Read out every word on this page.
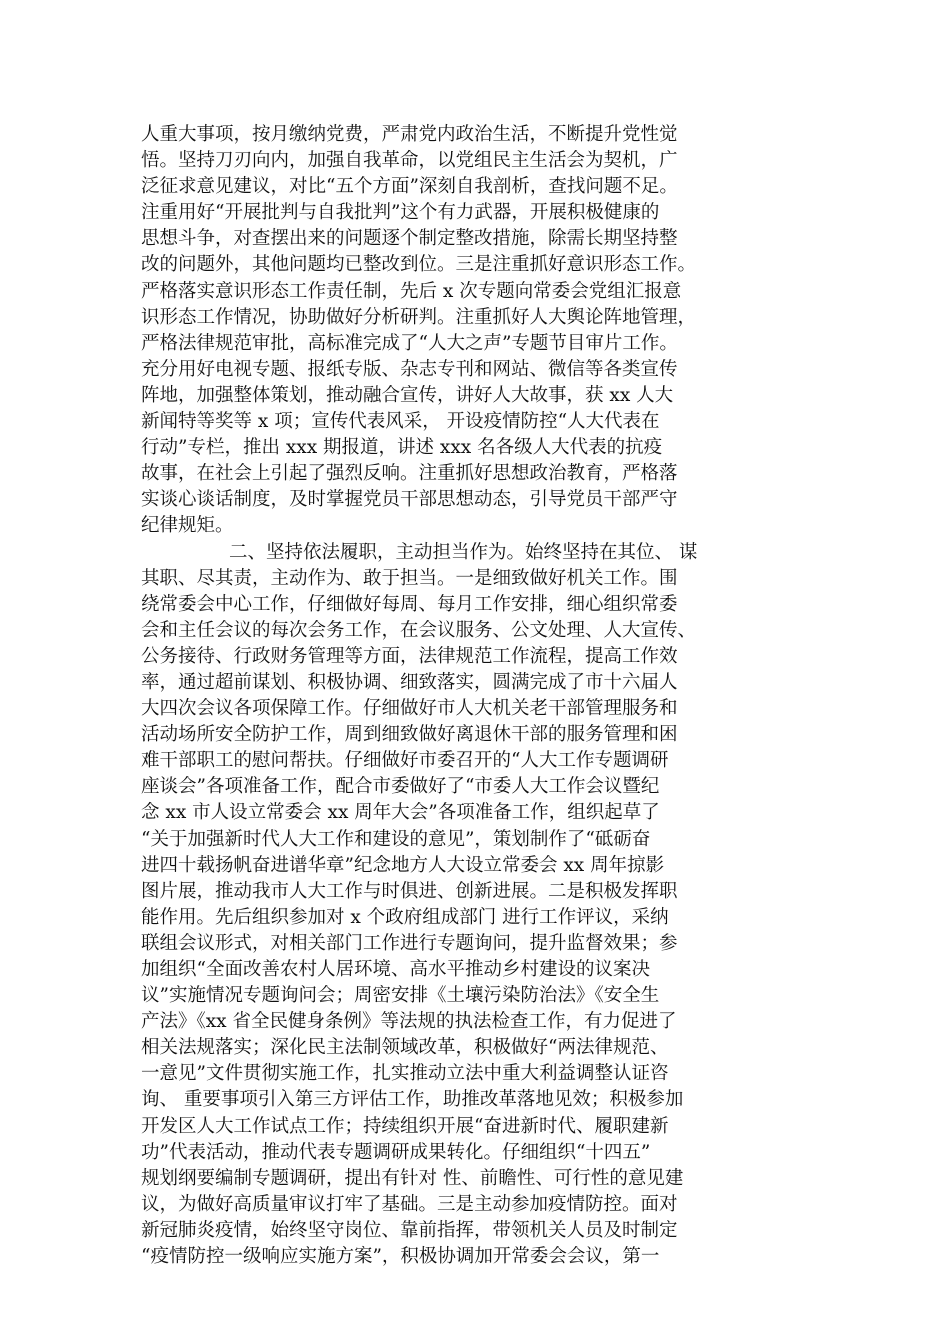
人重大事项，按月缴纳党费，严肃党内政治生活，不断提升党性觉
悟。坚持刀刃向内，加强自我革命，以党组民主生活会为契机，广
泛征求意见建议，对比“五个方面”深刻自我剖析，查找问题不足。
注重用好“开展批判与自我批判”这个有力武器，开展积极健康的
思想斗争，对查摆出来的问题逐个制定整改措施，除需长期坚持整
改的问题外，其他问题均已整改到位。三是注重抓好意识形态工作。
严格落实意识形态工作责任制，先后 x 次专题向常委会党组汇报意
识形态工作情况，协助做好分析研判。注重抓好人大舆论阵地管理，
严格法律规范审批，高标准完成了“人大之声”专题节目审片工作。
充分用好电视专题、报纸专版、杂志专刊和网站、微信等各类宣传
阵地，加强整体策划，推动融合宣传，讲好人大故事，获 xx 人大
新闻特等奖等 x 项；宣传代表风采， 开设疫情防控“人大代表在
行动”专栏，推出 xxx 期报道，讲述 xxx 名各级人大代表的抗疫
故事，在社会上引起了强烈反响。注重抓好思想政治教育，严格落
实谈心谈话制度，及时掌握党员干部思想动态，引导党员干部严守
纪律规矩。
二、坚持依法履职，主动担当作为。始终坚持在其位、 谋
其职、尽其责，主动作为、敢于担当。一是细致做好机关工作。围
绕常委会中心工作，仔细做好每周、每月工作安排，细心组织常委
会和主任会议的每次会务工作，在会议服务、公文处理、人大宣传、
公务接待、行政财务管理等方面，法律规范工作流程，提高工作效
率，通过超前谋划、积极协调、细致落实，圆满完成了市十六届人
大四次会议各项保障工作。仔细做好市人大机关老干部管理服务和
活动场所安全防护工作，周到细致做好离退休干部的服务管理和困
难干部职工的慰问帮扶。仔细做好市委召开的“人大工作专题调研
座谈会”各项准备工作，配合市委做好了“市委人大工作会议暨纪
念 xx 市人设立常委会 xx 周年大会”各项准备工作，组织起草了
“关于加强新时代人大工作和建设的意见”，策划制作了“砥砺奋
进四十载扬帆奋进谱华章”纪念地方人大设立常委会 xx 周年掠影
图片展，推动我市人大工作与时俱进、创新进展。二是积极发挥职
能作用。先后组织参加对 x 个政府组成部门 进行工作评议，采纳
联组会议形式，对相关部门工作进行专题询问，提升监督效果；参
加组织“全面改善农村人居环境、高水平推动乡村建设的议案决
议”实施情况专题询问会；周密安排《土壤污染防治法》《安全生
产法》《xx 省全民健身条例》等法规的执法检查工作，有力促进了
相关法规落实；深化民主法制领域改革，积极做好“两法律规范、
一意见”文件贯彻实施工作，扎实推动立法中重大利益调整认证咨
询、 重要事项引入第三方评估工作，助推改革落地见效；积极参加
开发区人大工作试点工作；持续组织开展“奋进新时代、履职建新
功”代表活动，推动代表专题调研成果转化。仔细组织“十四五”
规划纲要编制专题调研，提出有针对 性、前瞻性、可行性的意见建
议，为做好高质量审议打牢了基础。三是主动参加疫情防控。面对
新冠肺炎疫情，始终坚守岗位、靠前指挥，带领机关人员及时制定
“疫情防控一级响应实施方案”，积极协调加开常委会会议，第一
